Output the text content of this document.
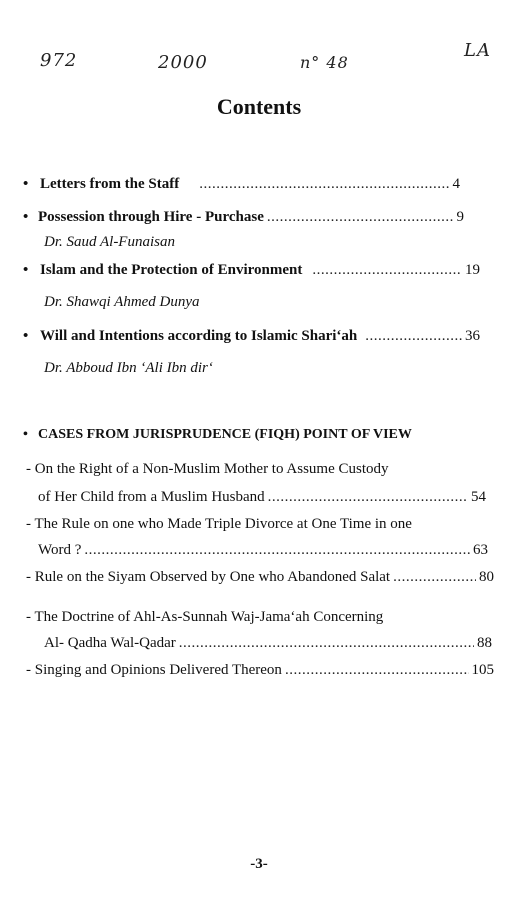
972	2000	n° 48
LA
Contents
• Letters from the Staff .....	4
• Possession through Hire - Purchase .....	9
Dr. Saud Al-Funaisan
• Islam and the Protection of Environment .....	19
Dr. Shawqi Ahmed Dunya
• Will and Intentions according to Islamic Shari‘ah .....	36
Dr. Abboud Ibn ‘Ali Ibn dir‘
• CASES FROM JURISPRUDENCE (FIQH) POINT OF VIEW
- On the Right of a Non-Muslim Mother to Assume Custody
of Her Child from a Muslim Husband .....	54
- The Rule on one who Made Triple Divorce at One Time in one
Word ? .....	63
- Rule on the Siyam Observed by One who Abandoned Salat .....	80
- The Doctrine of Ahl-As-Sunnah Waj-Jama‘ah Concerning
Al- Qadha Wal-Qadar .....	88
- Singing and Opinions Delivered Thereon .....	105
-3-
